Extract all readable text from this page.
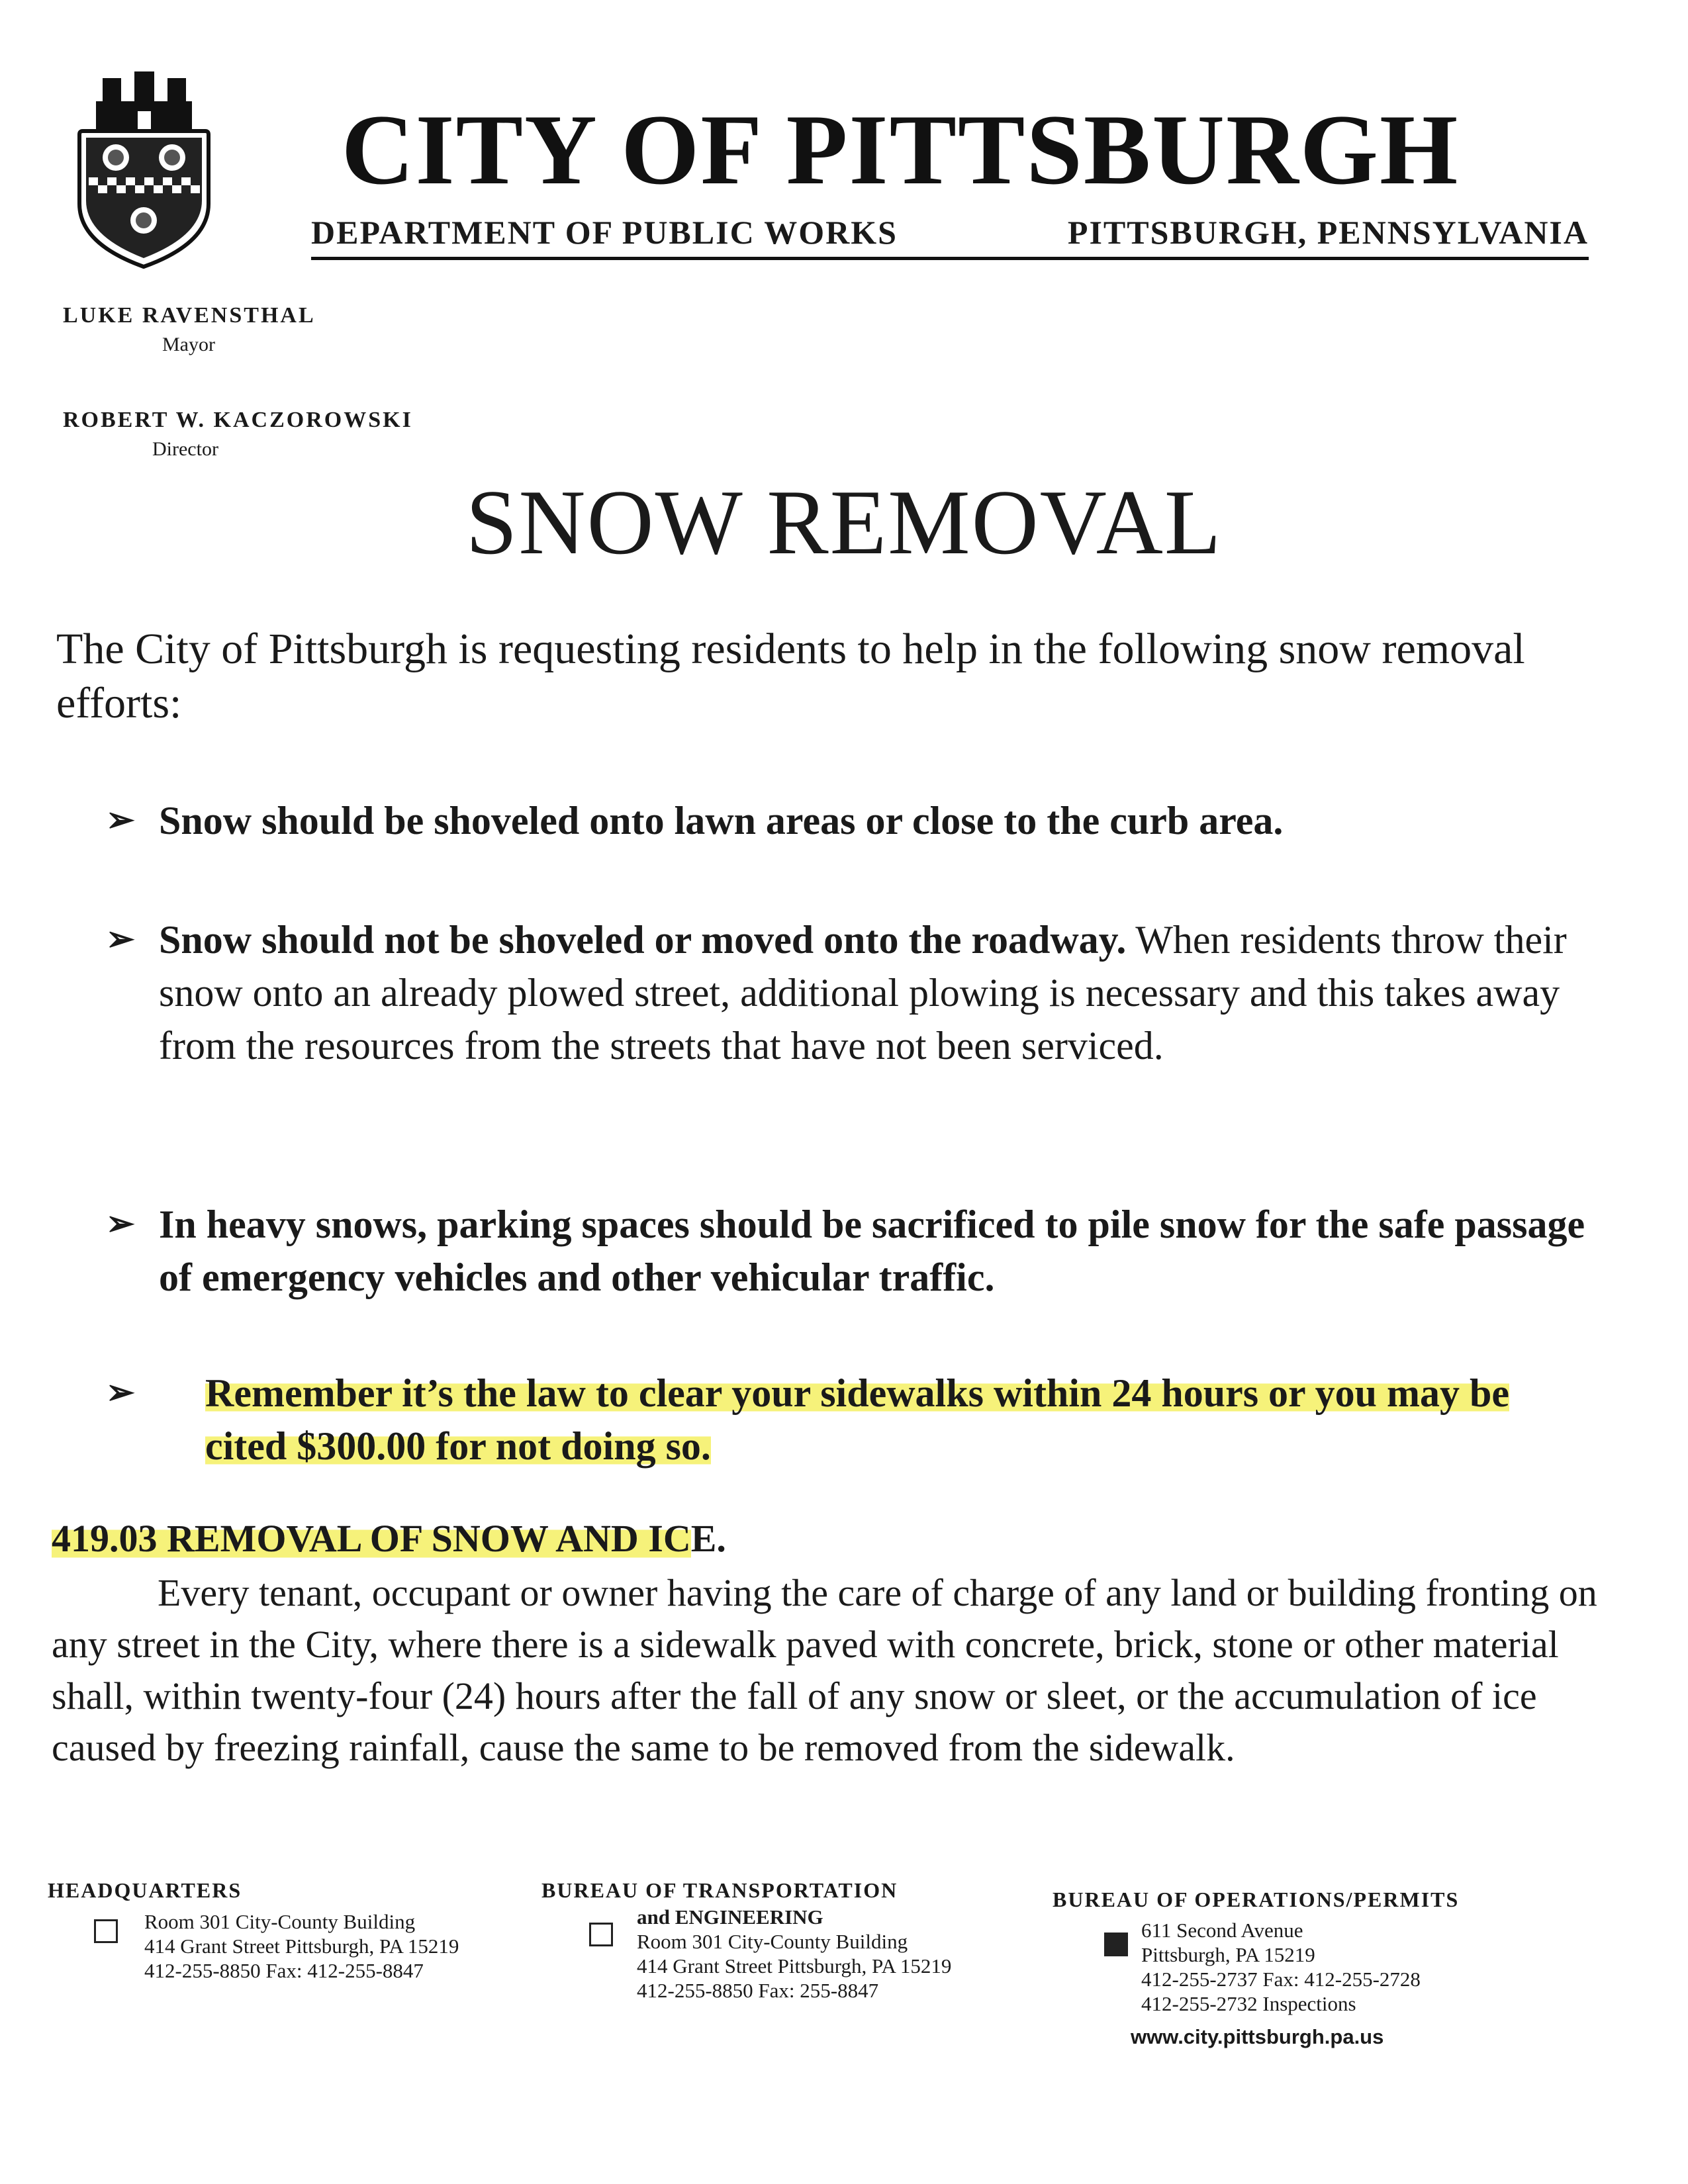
CITY OF PITTSBURGH
DEPARTMENT OF PUBLIC WORKS	PITTSBURGH, PENNSYLVANIA
LUKE RAVENSTHAL
Mayor
ROBERT W. KACZOROWSKI
Director
SNOW REMOVAL
The City of Pittsburgh is requesting residents to help in the following snow removal efforts:
➢ Snow should be shoveled onto lawn areas or close to the curb area.
➢ Snow should not be shoveled or moved onto the roadway. When residents throw their snow onto an already plowed street, additional plowing is necessary and this takes away from the resources from the streets that have not been serviced.
➢ In heavy snows, parking spaces should be sacrificed to pile snow for the safe passage of emergency vehicles and other vehicular traffic.
➢	Remember it’s the law to clear your sidewalks within 24 hours or you may be cited $300.00 for not doing so.
419.03 REMOVAL OF SNOW AND ICE.
Every tenant, occupant or owner having the care of charge of any land or building fronting on any street in the City, where there is a sidewalk paved with concrete, brick, stone or other material shall, within twenty-four (24) hours after the fall of any snow or sleet, or the accumulation of ice caused by freezing rainfall, cause the same to be removed from the sidewalk.
HEADQUARTERS
Room 301 City-County Building
414 Grant Street Pittsburgh, PA 15219
412-255-8850 Fax: 412-255-8847
BUREAU OF TRANSPORTATION
and ENGINEERING
Room 301 City-County Building
414 Grant Street Pittsburgh, PA 15219
412-255-8850 Fax: 255-8847
BUREAU OF OPERATIONS/PERMITS
611 Second Avenue
Pittsburgh, PA 15219
412-255-2737 Fax: 412-255-2728
412-255-2732 Inspections
www.city.pittsburgh.pa.us
